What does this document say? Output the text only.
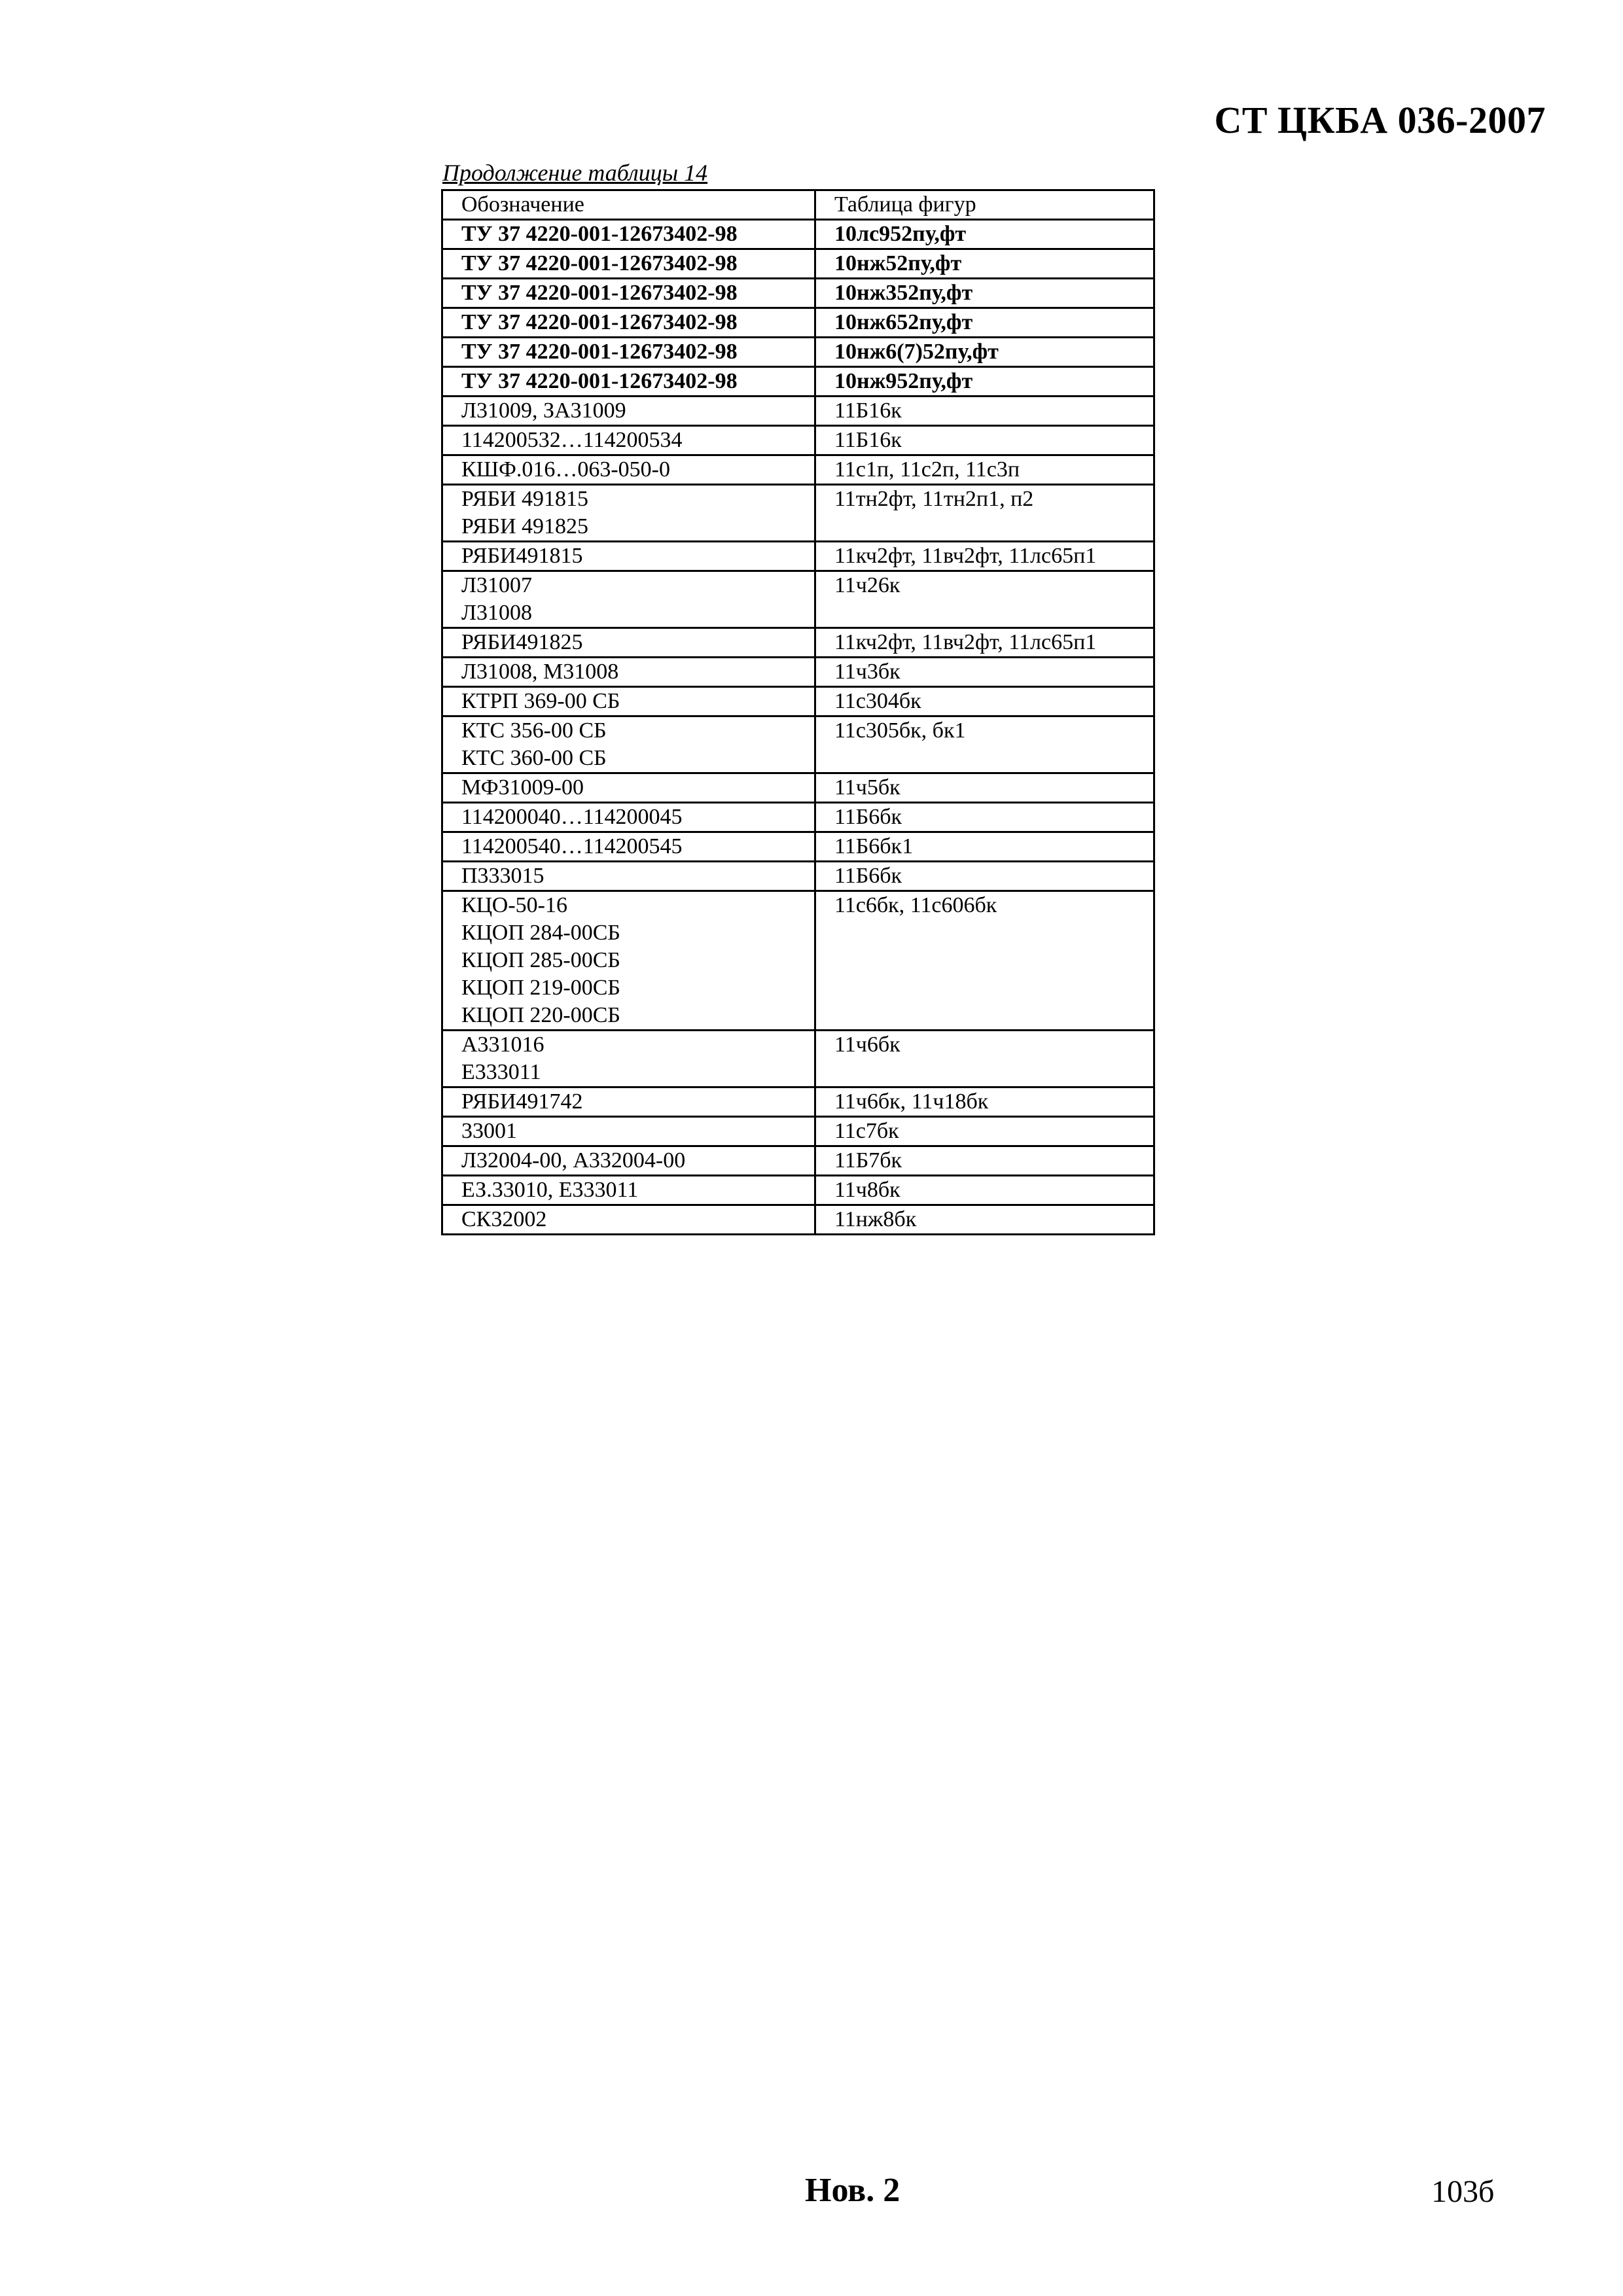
СТ ЦКБА 036-2007
Продолжение таблицы 14
Обозначение	Таблица фигур

ТУ 37 4220-001-12673402-98	10лс952пу,фт

ТУ 37 4220-001-12673402-98	10нж52пу,фт

ТУ 37 4220-001-12673402-98	10нж352пу,фт

ТУ 37 4220-001-12673402-98	10нж652пу,фт

ТУ 37 4220-001-12673402-98	10нж6(7)52пу,фт

ТУ 37 4220-001-12673402-98	10нж952пу,фт

Л31009, ЗА31009	11Б16к

114200532…114200534	11Б16к

КШФ.016…063-050-0	11с1п, 11с2п, 11с3п

РЯБИ 491815
РЯБИ 491825	11тн2фт, 11тн2п1, п2

РЯБИ491815	11кч2фт, 11вч2фт, 11лс65п1

Л31007
Л31008	11ч26к

РЯБИ491825	11кч2фт, 11вч2фт, 11лс65п1

Л31008, М31008	11ч3бк

КТРП 369-00 СБ	11с304бк

КТС 356-00 СБ
КТС 360-00 СБ	11с305бк, бк1

МФ31009-00	11ч5бк

114200040…114200045	11Б6бк

114200540…114200545	11Б6бк1

П333015	11Б6бк

КЦО-50-16
КЦОП 284-00СБ
КЦОП 285-00СБ
КЦОП 219-00СБ
КЦОП 220-00СБ	11с6бк, 11с606бк

А331016
Е333011	11ч6бк

РЯБИ491742	11ч6бк, 11ч18бк

33001	11с7бк

Л32004-00, А332004-00	11Б7бк

ЕЗ.33010, Е333011	11ч8бк

СК32002	11нж8бк
Нов. 2	103б
